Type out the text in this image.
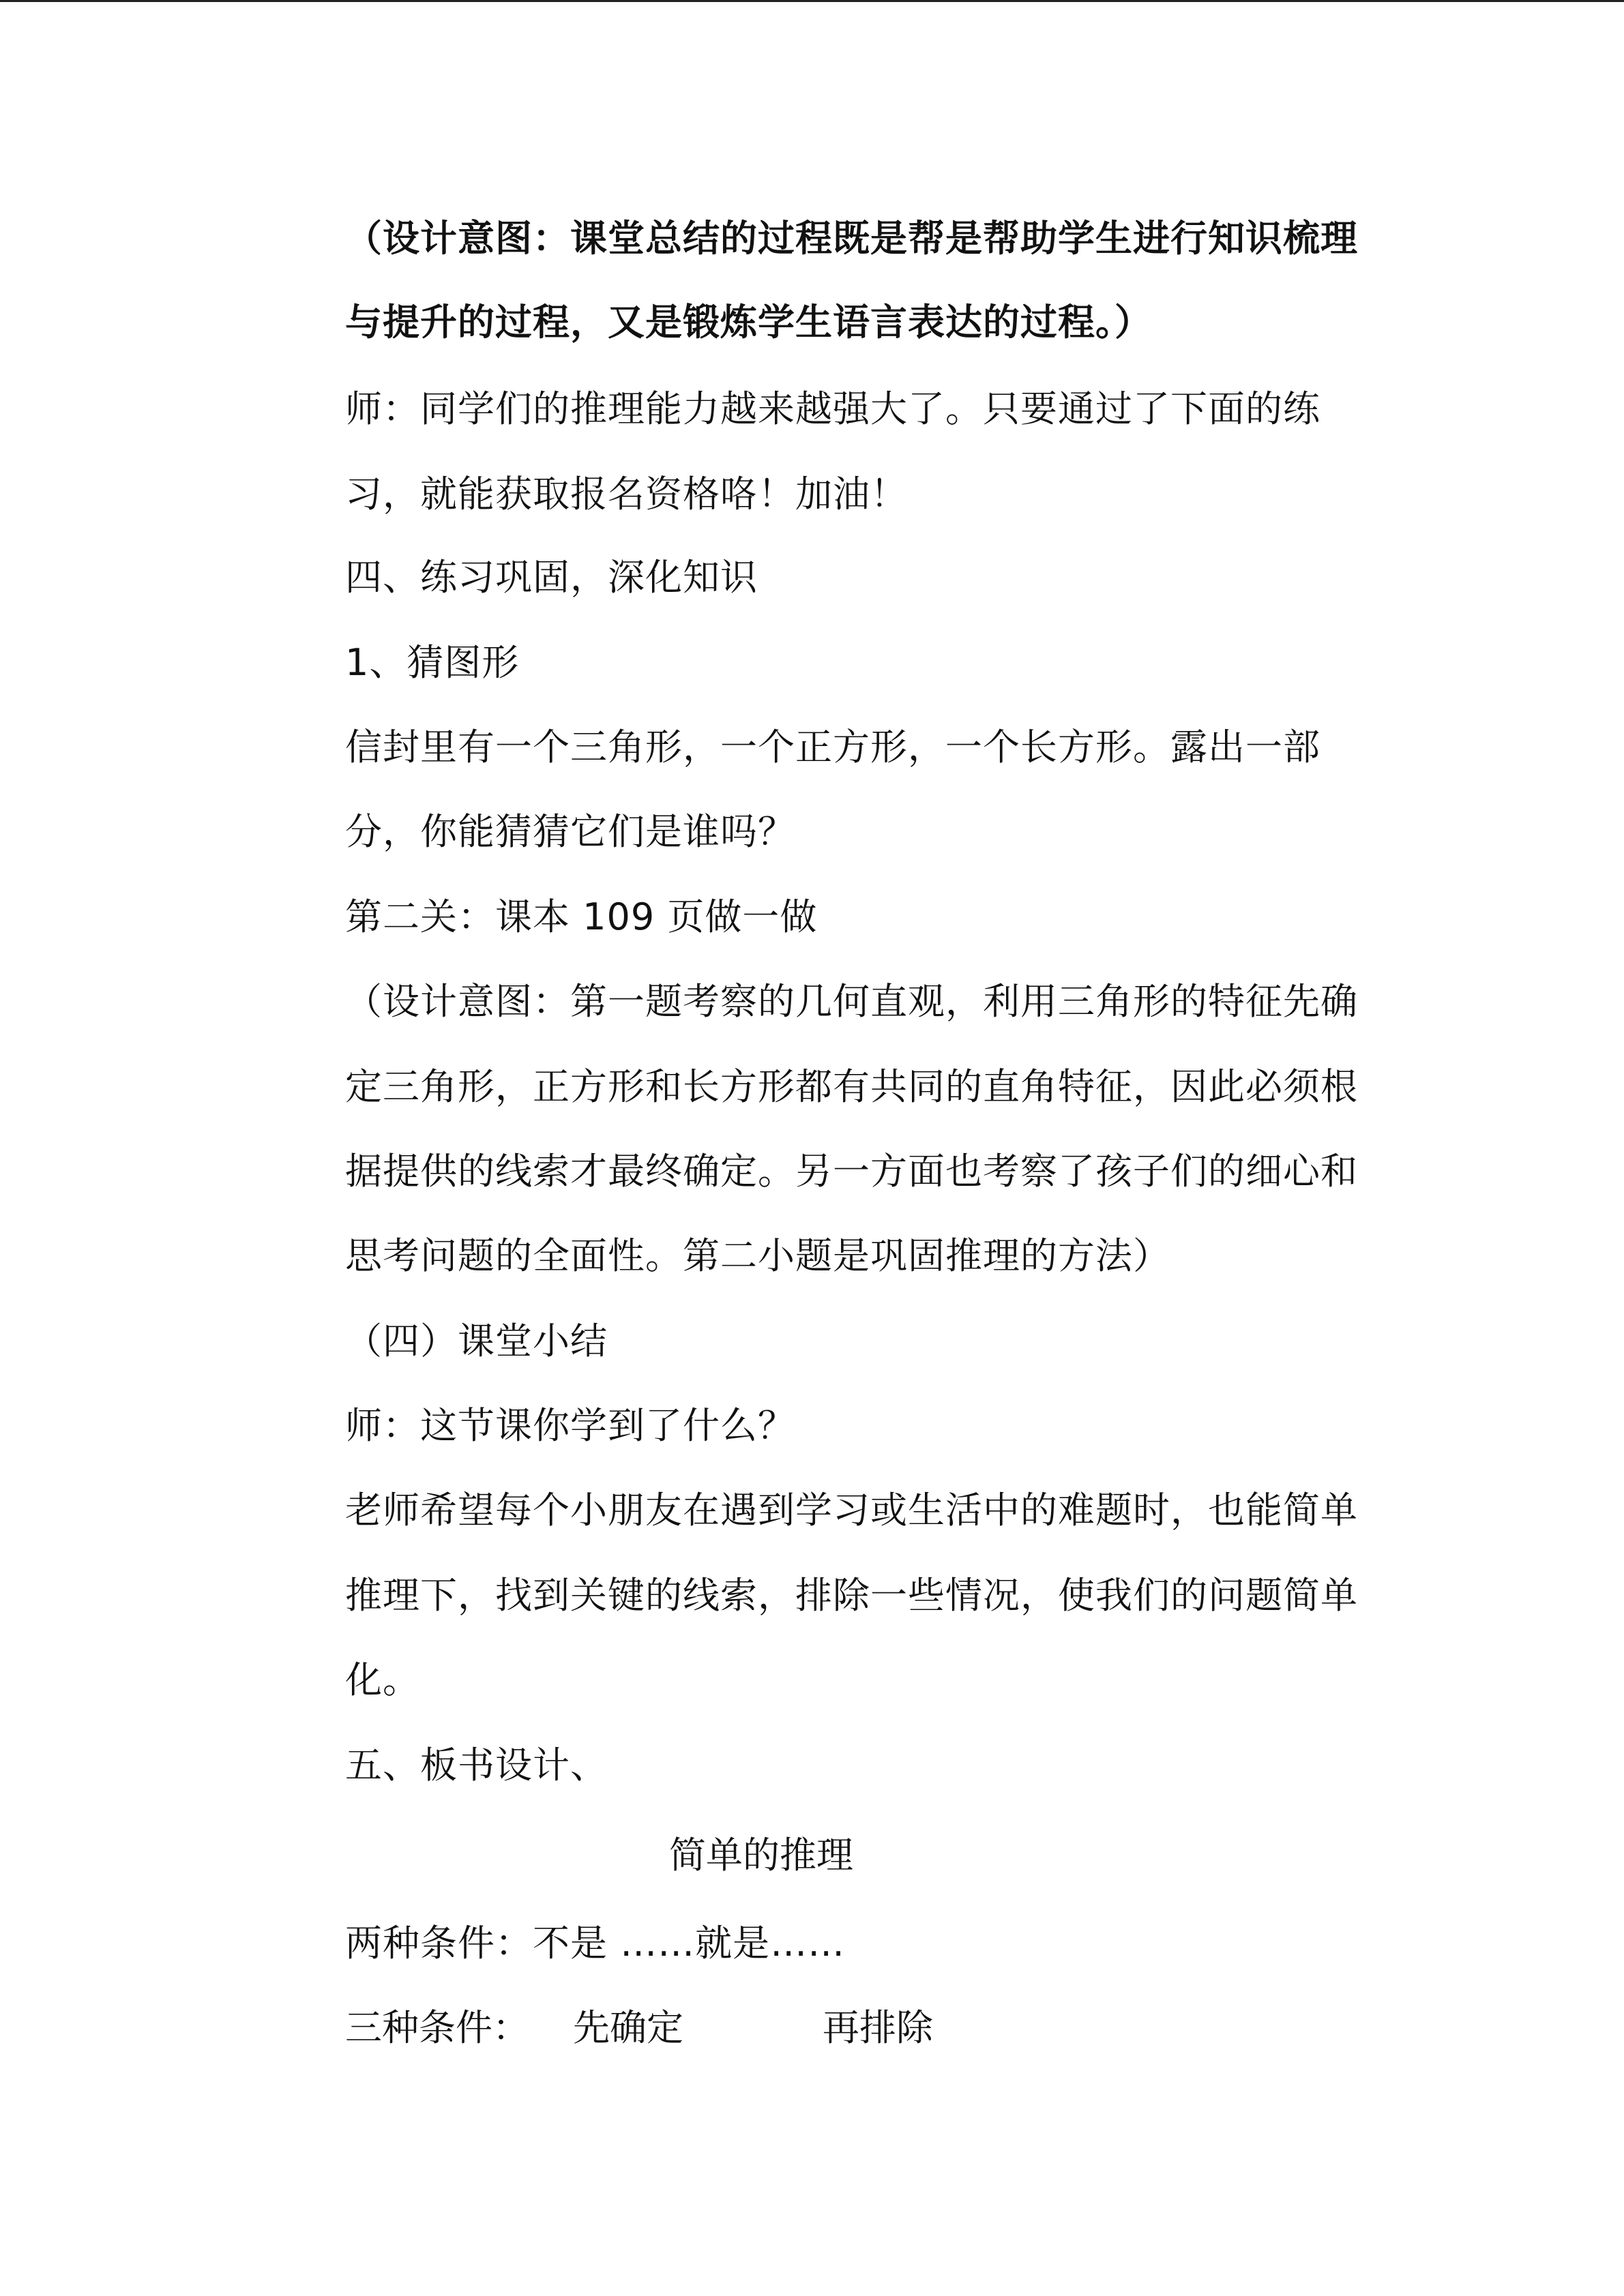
（设计意图：课堂总结的过程既是帮是帮助学生进行知识梳理
与提升的过程，又是锻炼学生语言表达的过程。）
师：同学们的推理能力越来越强大了。只要通过了下面的练
习，就能获取报名资格咯！加油！
四、练习巩固，深化知识
1、猜图形
信封里有一个三角形，一个正方形，一个长方形。露出一部
分，你能猜猜它们是谁吗？
第二关：课本 109 页做一做
（设计意图：第一题考察的几何直观，利用三角形的特征先确
定三角形，正方形和长方形都有共同的直角特征，因此必须根
据提供的线索才最终确定。另一方面也考察了孩子们的细心和
思考问题的全面性。第二小题是巩固推理的方法）
（四）课堂小结
师：这节课你学到了什么？
老师希望每个小朋友在遇到学习或生活中的难题时，也能简单
推理下，找到关键的线索，排除一些情况，使我们的问题简单
化。
五、板书设计、
简单的推理
两种条件：不是 ……就是……
三种条件： 先确定	再排除
